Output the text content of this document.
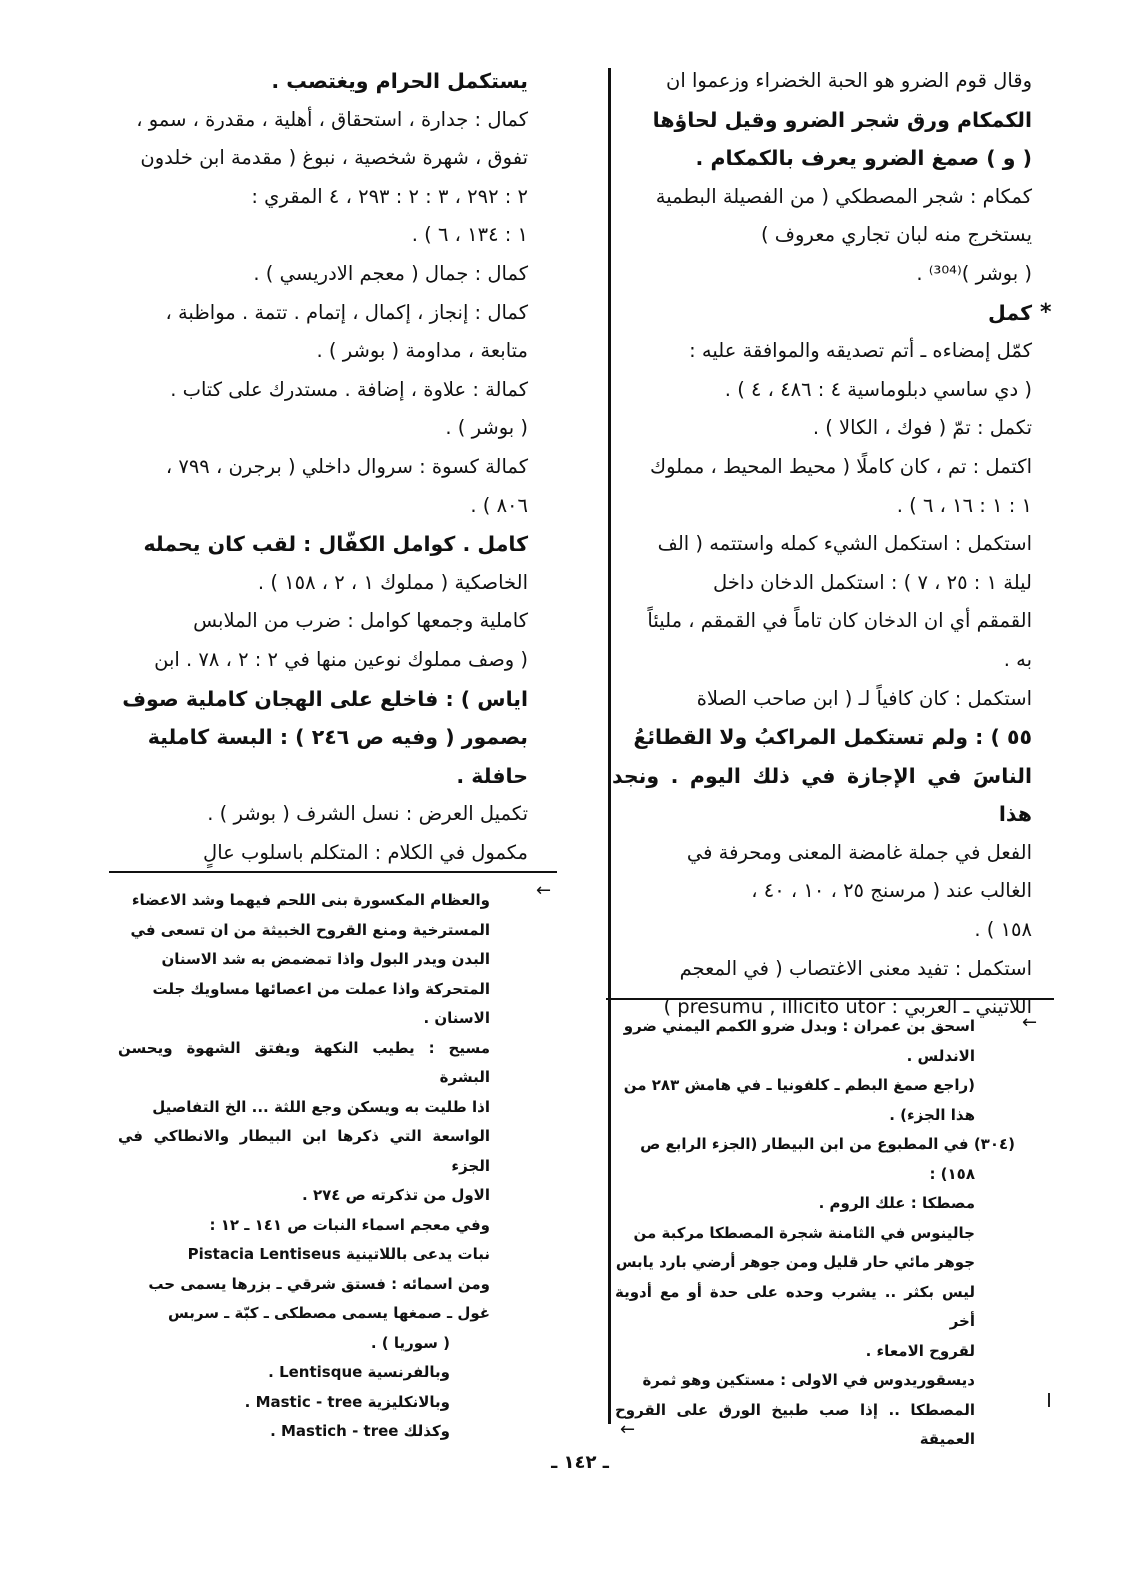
*

وقال قوم الضرو هو الحبة الخضراء وزعموا ان

الكمكام ورق شجر الضرو وقيل لحاؤها

( و ) صمغ الضرو يعرف بالكمكام .

كمكام : شجر المصطكي ( من الفصيلة البطمية

يستخرج منه لبان تجاري معروف )

( بوشر )⁽³⁰⁴⁾ .

كمل

كمّل إمضاءه ـ أتم تصديقه والموافقة عليه :

( دي ساسي دبلوماسية ٤ : ٤٨٦ ، ٤ ) .

تكمل : تمّ ( فوك ، الكالا ) .

اكتمل : تم ، كان كاملًا ( محيط المحيط ، مملوك

١ : ١ : ١٦ ، ٦ ) .

استكمل : استكمل الشيء كمله واستتمه ( الف

ليلة ١ : ٢٥ ، ٧ ) : استكمل الدخان داخل

القمقم أي ان الدخان كان تاماً في القمقم ، مليئاً

به .

استكمل : كان كافياً لـ ( ابن صاحب الصلاة

٥٥ ) : ولم تستكمل المراكبُ ولا القطائعُ

الناسَ في الإجازة في ذلك اليوم . ونجد هذا

الفعل في جملة غامضة المعنى ومحرفة في

الغالب عند ( مرسنج ٢٥ ، ١٠ ، ٤٠ ،

١٥٨ ) .

استكمل : تفيد معنى الاغتصاب ( في المعجم

اللاتيني ـ العربي : presumu , illicito utor )

يستكمل الحرام ويغتصب .

كمال : جدارة ، استحقاق ، أهلية ، مقدرة ، سمو ،

تفوق ، شهرة شخصية ، نبوغ ( مقدمة ابن خلدون

٢ : ٢٩٢ ، ٣ : ٢ : ٢٩٣ ، ٤ المقري :

١ : ١٣٤ ، ٦ ) .

كمال : جمال ( معجم الادريسي ) .

كمال : إنجاز ، إكمال ، إتمام . تتمة . مواظبة ،

متابعة ، مداومة ( بوشر ) .

كمالة : علاوة ، إضافة . مستدرك على كتاب .

( بوشر ) .

كمالة كسوة : سروال داخلي ( برجرن ، ٧٩٩ ،

٨٠٦ ) .

كامل . كوامل الكفّال : لقب كان يحمله

الخاصكية ( مملوك ١ ، ٢ ، ١٥٨ ) .

كاملية وجمعها كوامل : ضرب من الملابس

( وصف مملوك نوعين منها في ٢ : ٢ ، ٧٨ . ابن

اياس ) : فاخلع على الهجان كاملية صوف

بصمور ( وفيه ص ٢٤٦ ) : البسة كاملية

حافلة .

تكميل العرض : نسل الشرف ( بوشر ) .

مكمول في الكلام : المتكلم باسلوب عالٍ

←

والعظام المكسورة بنى اللحم فيهما وشد الاعضاء

المسترخية ومنع القروح الخبيثة من ان تسعى في

البدن ويدر البول واذا تمضمض به شد الاسنان

المتحركة واذا عملت من اعصائها مساويك جلت

الاسنان .

مسيح : يطيب النكهة ويفتق الشهوة ويحسن البشرة

اذا طليت به ويسكن وجع اللثة ... الخ التفاصيل

الواسعة التي ذكرها ابن البيطار والانطاكي في الجزء

الاول من تذكرته ص ٢٧٤ .

وفي معجم اسماء النبات ص ١٤١ ـ ١٢ :

نبات يدعى باللاتينية Pistacia Lentiseus

ومن اسمائه : فستق شرقي ـ بزرها يسمى حب

غول ـ صمغها يسمى مصطكى ـ كبّة ـ سربس

( سوريا ) .

وبالفرنسية Lentisque .

وبالانكليزية Mastic - tree .

وكذلك Mastich - tree .

←

اسحق بن عمران : وبدل ضرو الكمم اليمني ضرو

الاندلس .

(راجع صمغ البطم ـ كلفونيا ـ في هامش ٢٨٣ من

هذا الجزء) .

(٣٠٤) في المطبوع من ابن البيطار (الجزء الرابع ص

١٥٨) :

مصطكا : علك الروم .

جالينوس في الثامنة شجرة المصطكا مركبة من

جوهر مائي حار قليل ومن جوهر أرضي بارد يابس

ليس بكثر .. يشرب وحده على حدة أو مع أدوية أخر

لقروح الامعاء .

ديسقوريدوس في الاولى : مستكين وهو ثمرة

المصطكا .. إذا صب طبيخ الورق على القروح العميقة

←
ـ ١٤٢ ـ
